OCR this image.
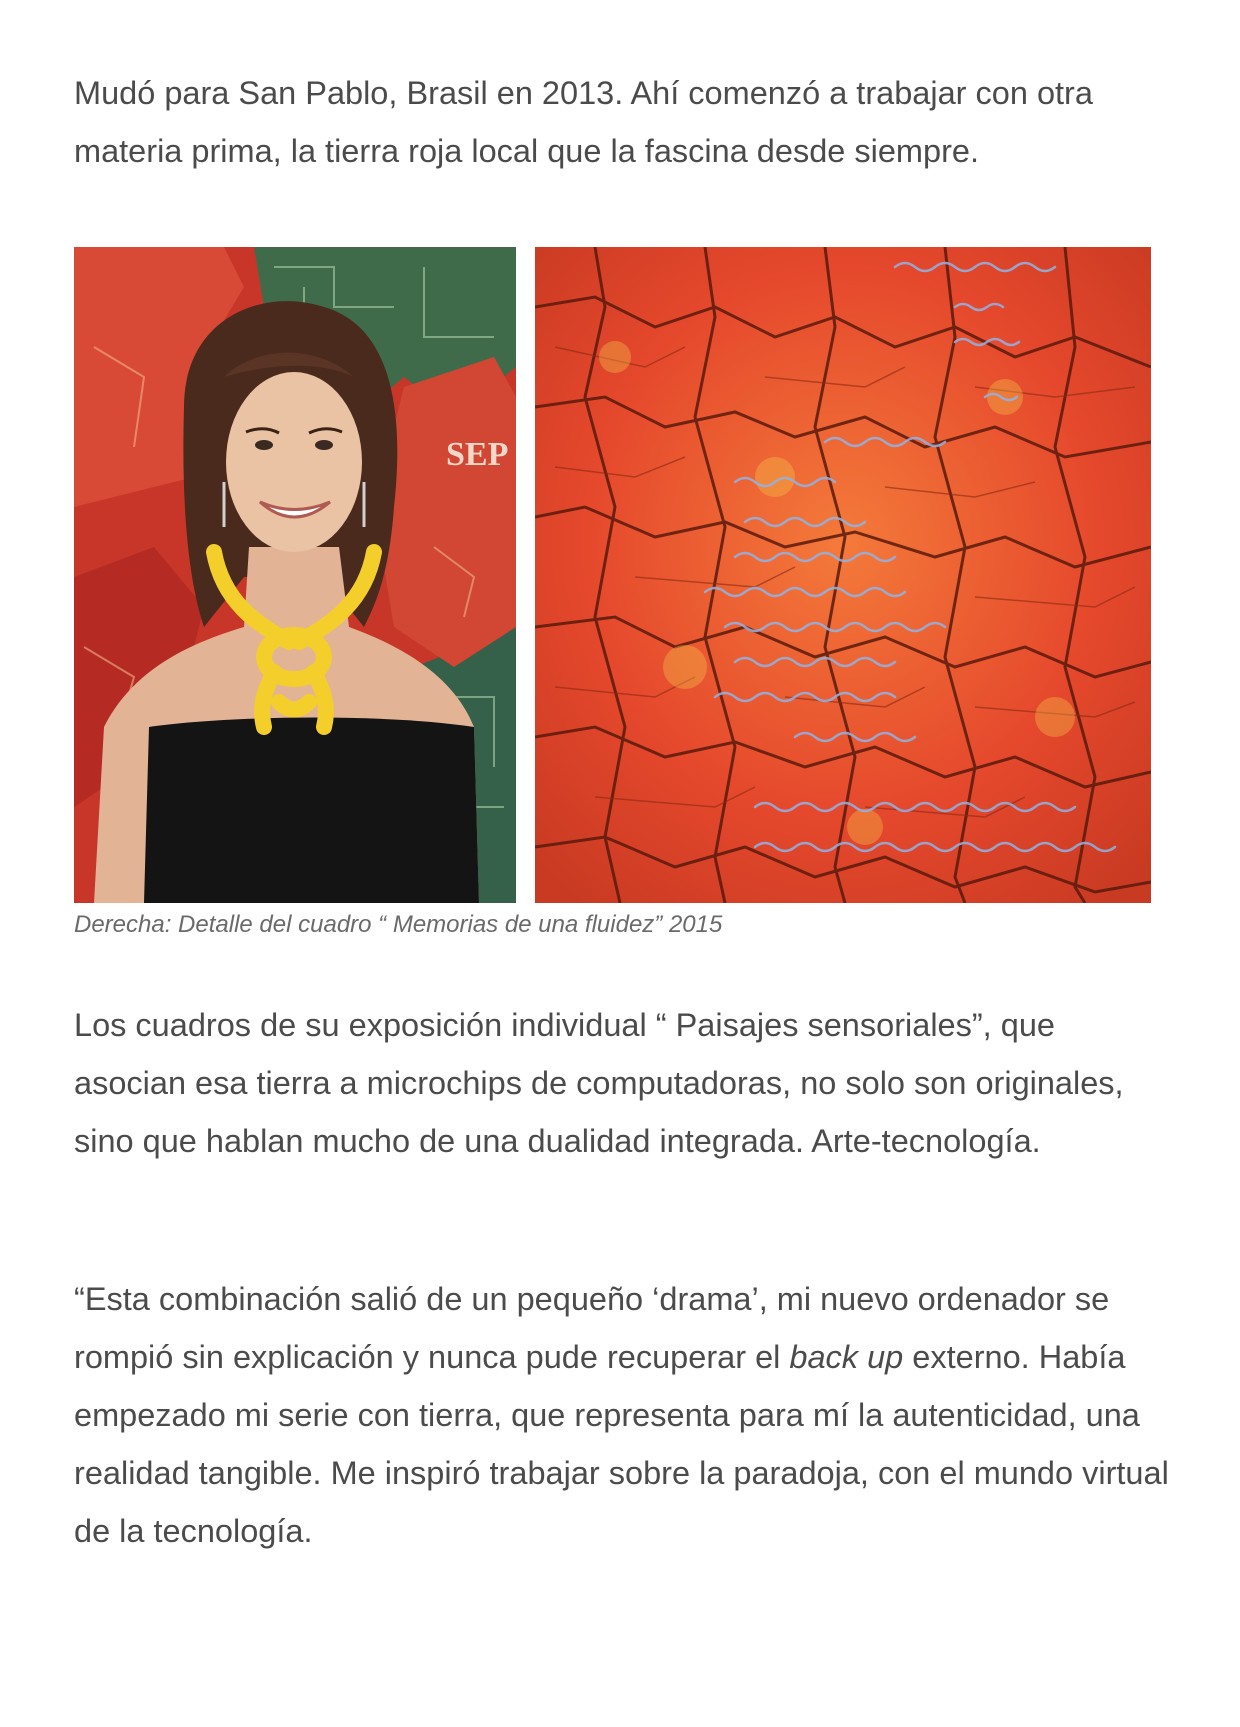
Mudó para San Pablo, Brasil en 2013. Ahí comenzó a trabajar con otra materia prima, la tierra roja local que la fascina desde siempre.

SEP

Derecha: Detalle del cuadro “ Memorias de una fluidez” 2015

Los cuadros de su exposición individual “ Paisajes sensoriales”, que asocian esa tierra a microchips de computadoras, no solo son originales, sino que hablan mucho de una dualidad integrada. Arte-tecnología.

“Esta combinación salió de un pequeño ‘drama’, mi nuevo ordenador se rompió sin explicación y nunca pude recuperar el back up externo. Había empezado mi serie con tierra, que representa para mí la autenticidad, una realidad tangible. Me inspiró trabajar sobre la paradoja, con el mundo virtual de la tecnología.
